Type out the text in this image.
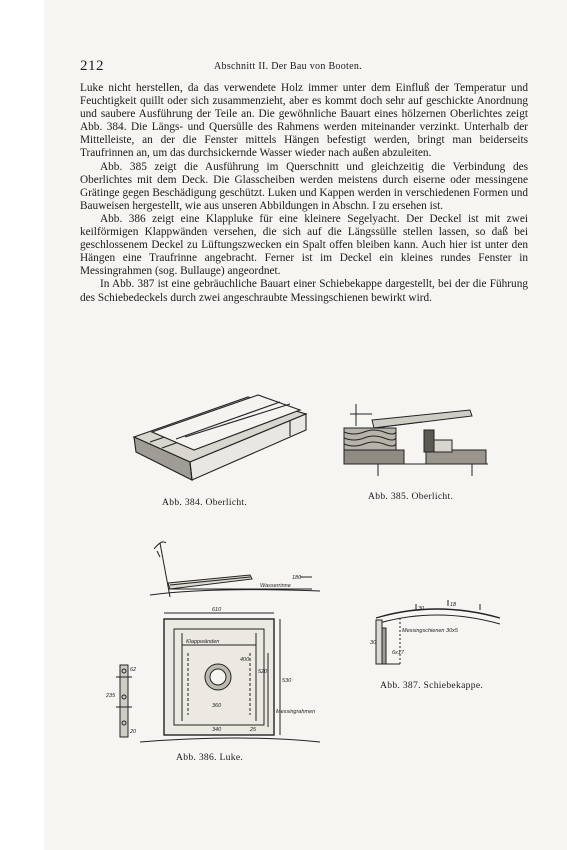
212	Abschnitt II. Der Bau von Booten.

Luke nicht herstellen, da das verwendete Holz immer unter dem Einfluß der Temperatur und Feuchtigkeit quillt oder sich zusammenzieht, aber es kommt doch sehr auf geschickte Anordnung und saubere Ausführung der Teile an. Die gewöhnliche Bauart eines hölzernen Oberlichtes zeigt Abb. 384. Die Längs- und Quersülle des Rahmens werden miteinander verzinkt. Unterhalb der Mittelleiste, an der die Fenster mittels Hängen befestigt werden, bringt man beiderseits Traufrinnen an, um das durchsickernde Wasser wieder nach außen abzuleiten.

Abb. 385 zeigt die Ausführung im Querschnitt und gleichzeitig die Verbindung des Oberlichtes mit dem Deck. Die Glasscheiben werden meistens durch eiserne oder messingene Grätinge gegen Beschädigung geschützt. Luken und Kappen werden in verschiedenen Formen und Bauweisen hergestellt, wie aus unseren Abbildungen in Abschn. I zu ersehen ist.

Abb. 386 zeigt eine Klappluke für eine kleinere Segelyacht. Der Deckel ist mit zwei keilförmigen Klappwänden versehen, die sich auf die Längssülle stellen lassen, so daß bei geschlossenem Deckel zu Lüftungszwecken ein Spalt offen bleiben kann. Auch hier ist unter den Hängen eine Traufrinne angebracht. Ferner ist im Deckel ein kleines rundes Fenster in Messingrahmen (sog. Bullauge) angeordnet.

In Abb. 387 ist eine gebräuchliche Bauart einer Schiebekappe dargestellt, bei der die Führung des Schiebedeckels durch zwei angeschraubte Messingschienen bewirkt wird.

Abb. 384. Oberlicht.
Abb. 385. Oberlicht.
610
Klappwänden
Wasserrinne
Messingrahmen
530
180
520
400
360
340	25
235
62
20
Abb. 386. Luke.
30
18
Messingschienen 30x5
30
6x17
Abb. 387. Schiebekappe.
